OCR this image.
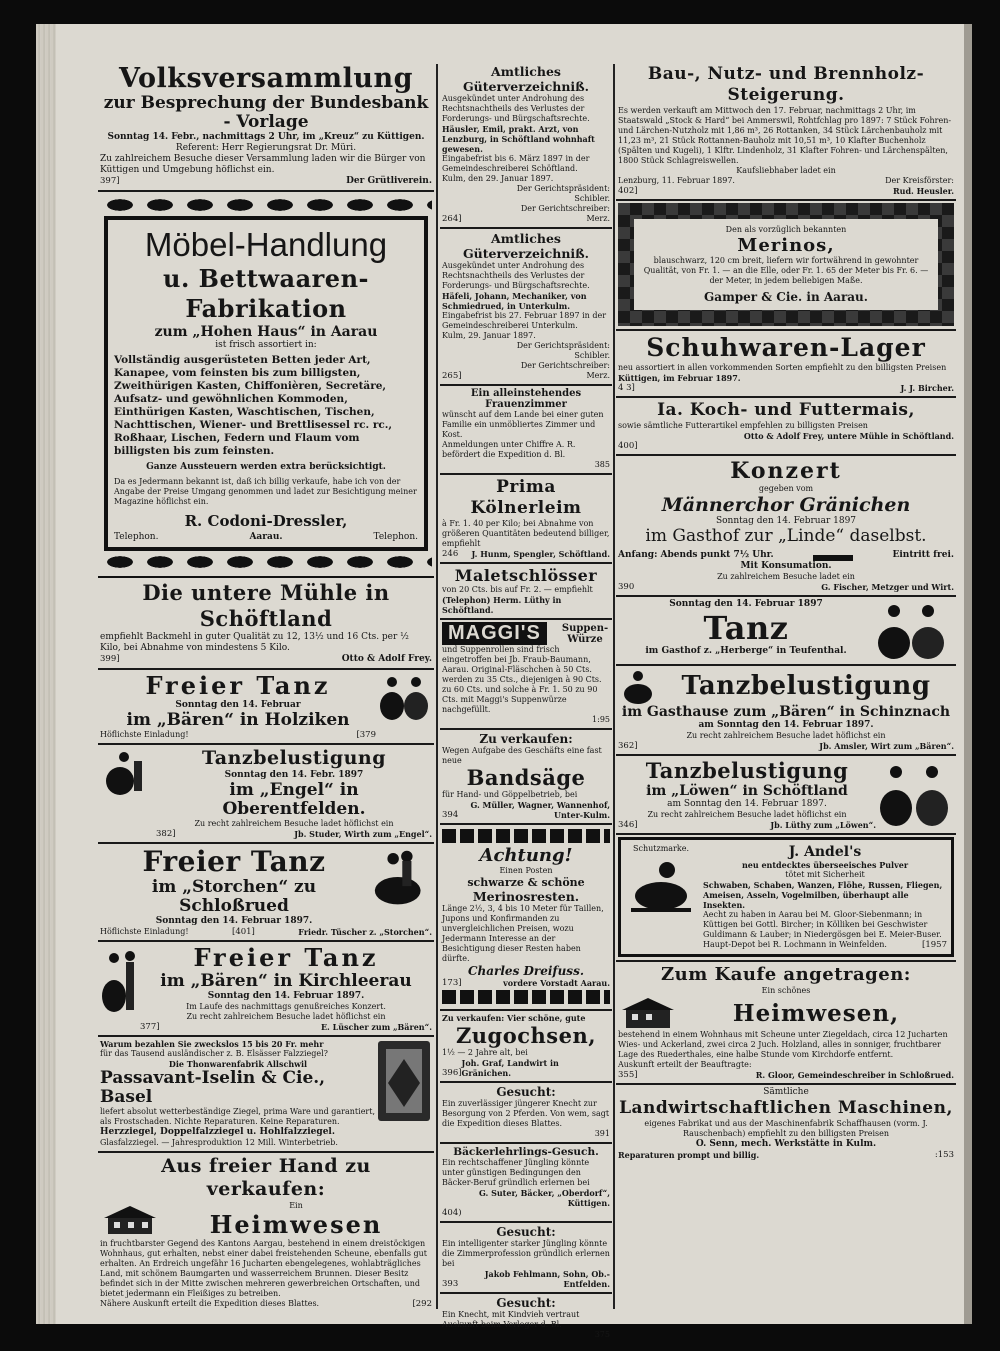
Volksversammlung
zur Besprechung der Bundesbank - Vorlage
Sonntag 14. Febr., nachmittags 2 Uhr, im „Kreuz“ zu Küttigen.
Referent: Herr Regierungsrat Dr. Müri.
Zu zahlreichem Besuche dieser Versammlung laden wir die Bürger von Küttigen und Umgebung höflichst ein.
397]	Der Grütliverein.
Möbel-Handlung
u. Bettwaaren-Fabrikation
zum „Hohen Haus“ in Aarau
ist frisch assortiert in:
Vollständig ausgerüsteten Betten jeder Art, Kanapee, vom feinsten bis zum billigsten, Zweithürigen Kasten, Chiffonièren, Secretäre, Aufsatz- und gewöhnlichen Kommoden, Einthürigen Kasten, Waschtischen, Tischen, Nachttischen, Wiener- und Brettlisessel rc. rc., Roßhaar, Lischen, Federn und Flaum vom billigsten bis zum feinsten.
Ganze Aussteuern werden extra berücksichtigt.
Da es Jedermann bekannt ist, daß ich billig verkaufe, habe ich von der Angabe der Preise Umgang genommen und ladet zur Besichtigung meiner Magazine höflichst ein.
R. Codoni-Dressler,
Telephon.	Aarau.	Telephon.
Die untere Mühle in Schöftland
empfiehlt Backmehl in guter Qualität zu 12, 13½ und 16 Cts. per ½ Kilo, bei Abnahme von mindestens 5 Kilo.
399]	Otto & Adolf Frey.
Freier Tanz
Sonntag den 14. Februar
im „Bären“ in Holziken
Höflichste Einladung!	[379
Tanzbelustigung
Sonntag den 14. Febr. 1897
im „Engel“ in Oberentfelden.
Zu recht zahlreichem Besuche ladet höflichst ein
382]	Jb. Studer, Wirth zum „Engel“.
Freier Tanz
im „Storchen“ zu Schloßrued
Sonntag den 14. Februar 1897.
Höflichste Einladung!	[401]	Friedr. Tüscher z. „Storchen“.
Freier Tanz
im „Bären“ in Kirchleerau
Sonntag den 14. Februar 1897.
Im Laufe des nachmittags genußreiches Konzert.
Zu recht zahlreichem Besuche ladet höflichst ein
377]	E. Lüscher zum „Bären“.
Warum bezahlen Sie zweckslos 15 bis 20 Fr. mehr
für das Tausend ausländischer z. B. Elsässer Falzziegel?
Die Thonwarenfabrik Allschwil
Passavant-Iselin & Cie., Basel
liefert absolut wetterbeständige Ziegel, prima Ware und garantiert, als Frostschaden. Nichte Reparaturen. Keine Reparaturen.
Herzziegel, Doppelfalzziegel u. Hohlfalzziegel.
Glasfalzziegel. — Jahresproduktion 12 Mill. Winterbetrieb.
Aus freier Hand zu verkaufen:
Ein
Heimwesen
in fruchtbarster Gegend des Kantons Aargau, bestehend in einem dreistöckigen Wohnhaus, gut erhalten, nebst einer dabei freistehenden Scheune, ebenfalls gut erhalten. An Erdreich ungefähr 16 Jucharten ebengelegenes, wohlabträgliches Land, mit schönem Baumgarten und wasserreichem Brunnen. Dieser Besitz befindet sich in der Mitte zwischen mehreren gewerbreichen Ortschaften, und bietet jedermann ein Fleißiges zu betreiben.
Nähere Auskunft erteilt die Expedition dieses Blattes.	[292
Amtliches Güterverzeichniß.
Ausgekündet unter Androhung des Rechtsnachtheils des Verlustes der Forderungs- und Bürgschaftsrechte.
Häusler, Emil, prakt. Arzt, von Lenzburg, in Schöftland wohnhaft gewesen.
Eingabefrist bis 6. März 1897 in der Gemeindeschreiberei Schöftland.
Kulm, den 29. Januar 1897.
Der Gerichtspräsident:
Schibler.
Der Gerichtschreiber:
264]	Merz.
Amtliches Güterverzeichniß.
Ausgekündet unter Androhung des Rechtsnachtheils des Verlustes der Forderungs- und Bürgschaftsrechte.
Häfeli, Johann, Mechaniker, von Schmiedrued, in Unterkulm.
Eingabefrist bis 27. Februar 1897 in der Gemeindeschreiberei Unterkulm.
Kulm, 29. Januar 1897.
Der Gerichtspräsident:
Schibler.
Der Gerichtschreiber:
265]	Merz.
Ein alleinstehendes Frauenzimmer
wünscht auf dem Lande bei einer guten Familie ein unmöbliertes Zimmer und Kost.
Anmeldungen unter Chiffre A. R. befördert die Expedition d. Bl.
385
Prima Kölnerleim
à Fr. 1. 40 per Kilo; bei Abnahme von größeren Quantitäten bedeutend billiger, empfiehlt
246 J. Hunm, Spengler, Schöftland.
Maletschlösser
von 20 Cts. bis auf Fr. 2. — empfiehlt
(Telephon) Herm. Lüthy in Schöftland.
MAGGI'S	Suppen-Würze
und Suppenrollen sind frisch eingetroffen bei Jb. Fraub-Baumann, Aarau. Original-Fläschchen à 50 Cts. werden zu 35 Cts., diejenigen à 90 Cts. zu 60 Cts. und solche à Fr. 1. 50 zu 90 Cts. mit Maggi's Suppenwürze nachgefüllt.
1:95
Zu verkaufen:
Wegen Aufgabe des Geschäfts eine fast neue
Bandsäge
für Hand- und Göppelbetrieb, bei
394
G. Müller, Wagner, Wannenhof, Unter-Kulm.
Achtung!
Einen Posten
schwarze & schöne
Merinosresten.
Länge 2½, 3, 4 bis 10 Meter für Taillen, Jupons und Konfirmanden zu unvergleichlichen Preisen, wozu Jedermann Interesse an der Besichtigung dieser Resten haben dürfte.
Charles Dreifuss.
173]	vordere Vorstadt Aarau.
Zu verkaufen: Vier schöne, gute
Zugochsen,
1½ — 2 Jahre alt, bei
396]
Joh. Graf, Landwirt in Gränichen.
Gesucht:
Ein zuverlässiger jüngerer Knecht zur Besorgung von 2 Pferden. Von wem, sagt die Expedition dieses Blattes.
391
Bäckerlehrlings-Gesuch.
Ein rechtschaffener Jüngling könnte unter günstigen Bedingungen den Bäcker-Beruf gründlich erlernen bei
G. Suter, Bäcker, „Oberdorf“, Küttigen.
404)
Gesucht:
Ein intelligenter starker Jüngling könnte die Zimmerprofession gründlich erlernen bei
393
Jakob Fehlmann, Sohn, Ob.-Entfelden.
Gesucht:
Ein Knecht, mit Kindvieh vertraut Auskunft beim Verleger d. Bl.
375
Bau-, Nutz- und Brennholz-Steigerung.
Es werden verkauft am Mittwoch den 17. Februar, nachmittags 2 Uhr, im Staatswald „Stock & Hard“ bei Ammerswil, Rohtfchlag pro 1897: 7 Stück Fohren- und Lärchen-Nutzholz mit 1,86 m³, 26 Rottanken, 34 Stück Lärchenbauholz mit 11,23 m³, 21 Stück Rottannen-Bauholz mit 10,51 m³, 10 Klafter Buchenholz (Spälten und Kugeli), 1 Klftr. Lindenholz, 31 Klafter Fohren- und Lärchenspälten, 1800 Stück Schlagreiswellen.
Kaufsliebhaber ladet ein
Lenzburg, 11. Februar 1897.	Der Kreisförster:
402]	Rud. Heusler.
Den als vorzüglich bekannten
Merinos,
blauschwarz, 120 cm breit, liefern wir fortwährend in gewohnter Qualität, von Fr. 1. — an die Elle, oder Fr. 1. 65 der Meter bis Fr. 6. — der Meter, in jedem beliebigen Maße.
Gamper & Cie. in Aarau.
Schuhwaren-Lager
neu assortiert in allen vorkommenden Sorten empfiehlt zu den billigsten Preisen
Küttigen, im Februar 1897.
4 3]	J. J. Bircher.
Ia. Koch- und Futtermais,
sowie sämtliche Futterartikel empfehlen zu billigsten Preisen
Otto & Adolf Frey, untere Mühle in Schöftland.
400]
Konzert
gegeben vom
Männerchor Gränichen
Sonntag den 14. Februar 1897
im Gasthof zur „Linde“ daselbst.
Anfang: Abends punkt 7½ Uhr.	Eintritt frei.
Mit Konsumation.
Zu zahlreichem Besuche ladet ein
390	G. Fischer, Metzger und Wirt.
Sonntag den 14. Februar 1897
Tanz
im Gasthof z. „Herberge“ in Teufenthal.
Tanzbelustigung
im Gasthause zum „Bären“ in Schinznach
am Sonntag den 14. Februar 1897.
Zu recht zahlreichem Besuche ladet höflichst ein
362]	Jb. Amsler, Wirt zum „Bären“.
Tanzbelustigung
im „Löwen“ in Schöftland
am Sonntag den 14. Februar 1897.
Zu recht zahlreichem Besuche ladet höflichst ein
346]	Jb. Lüthy zum „Löwen“.
Schutzmarke.	J. Andel's
neu entdecktes überseeisches Pulver
tötet mit Sicherheit
Schwaben, Schaben, Wanzen, Flöhe, Russen, Fliegen, Ameisen, Asseln, Vogelmilben, überhaupt alle Insekten.
Aecht zu haben in Aarau bei M. Gloor-Siebenmann; in Küttigen bei Gottl. Bircher; in Kölliken bei Geschwister Guldimann & Lauber; in Niedergösgen bei E. Meier-Buser.
Haupt-Depot bei R. Lochmann in Weinfelden.	[1957
Zum Kaufe angetragen:
Ein schönes
Heimwesen,
bestehend in einem Wohnhaus mit Scheune unter Ziegeldach, circa 12 Jucharten Wies- und Ackerland, zwei circa 2 Juch. Holzland, alles in sonniger, fruchtbarer Lage des Ruederthales, eine halbe Stunde vom Kirchdorfe entfernt.
Auskunft erteilt der Beauftragte:
355]	R. Gloor, Gemeindeschreiber in Schloßrued.
Sämtliche
Landwirtschaftlichen Maschinen,
eigenes Fabrikat und aus der Maschinenfabrik Schaffhausen (vorm. J. Rauschenbach) empfiehlt zu den billigsten Preisen
O. Senn, mech. Werkstätte in Kulm.
Reparaturen prompt und billig.	:153
